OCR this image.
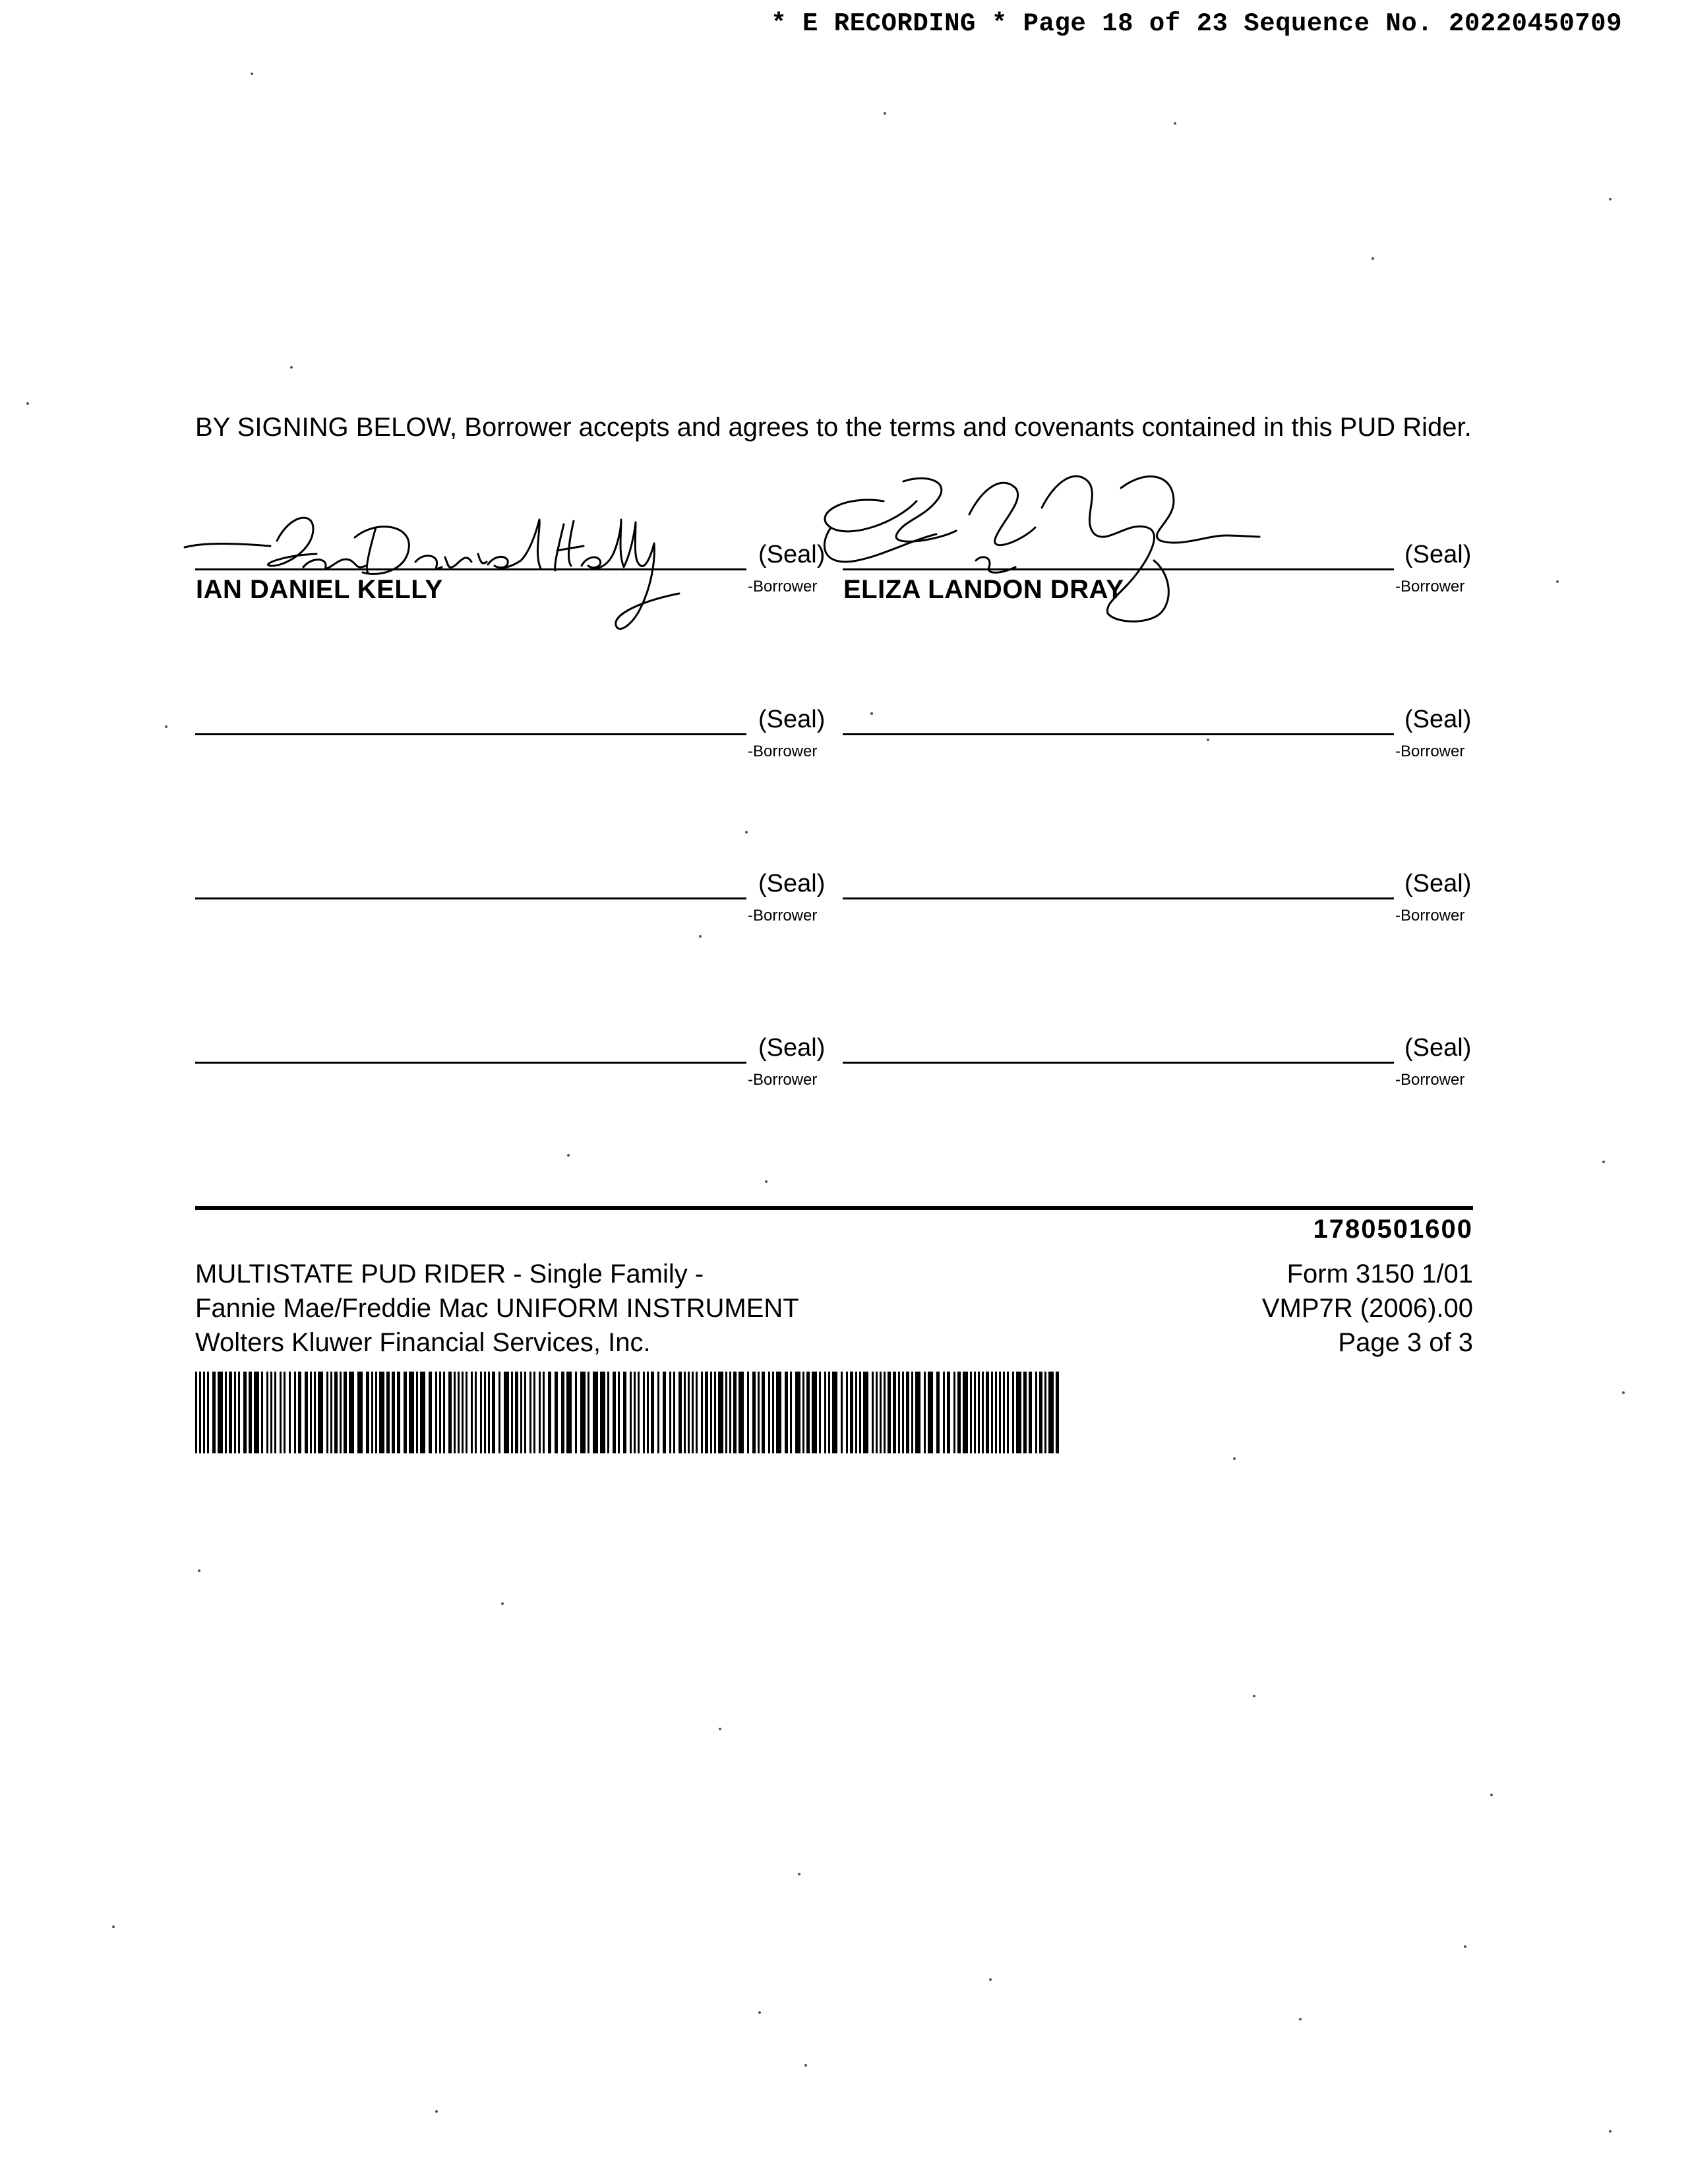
* E RECORDING * Page 18 of 23 Sequence No. 20220450709
BY SIGNING BELOW, Borrower accepts and agrees to the terms and covenants contained in this PUD Rider.
(Seal)
-Borrower
IAN DANIEL KELLY
(Seal)
-Borrower
ELIZA LANDON DRAY
(Seal)
-Borrower
(Seal)
-Borrower
(Seal)
-Borrower
(Seal)
-Borrower
(Seal)
-Borrower
(Seal)
-Borrower
1780501600
MULTISTATE PUD RIDER - Single Family -
Fannie Mae/Freddie Mac UNIFORM INSTRUMENT
Wolters Kluwer Financial Services, Inc.
Form 3150 1/01
VMP7R (2006).00
Page 3 of 3
